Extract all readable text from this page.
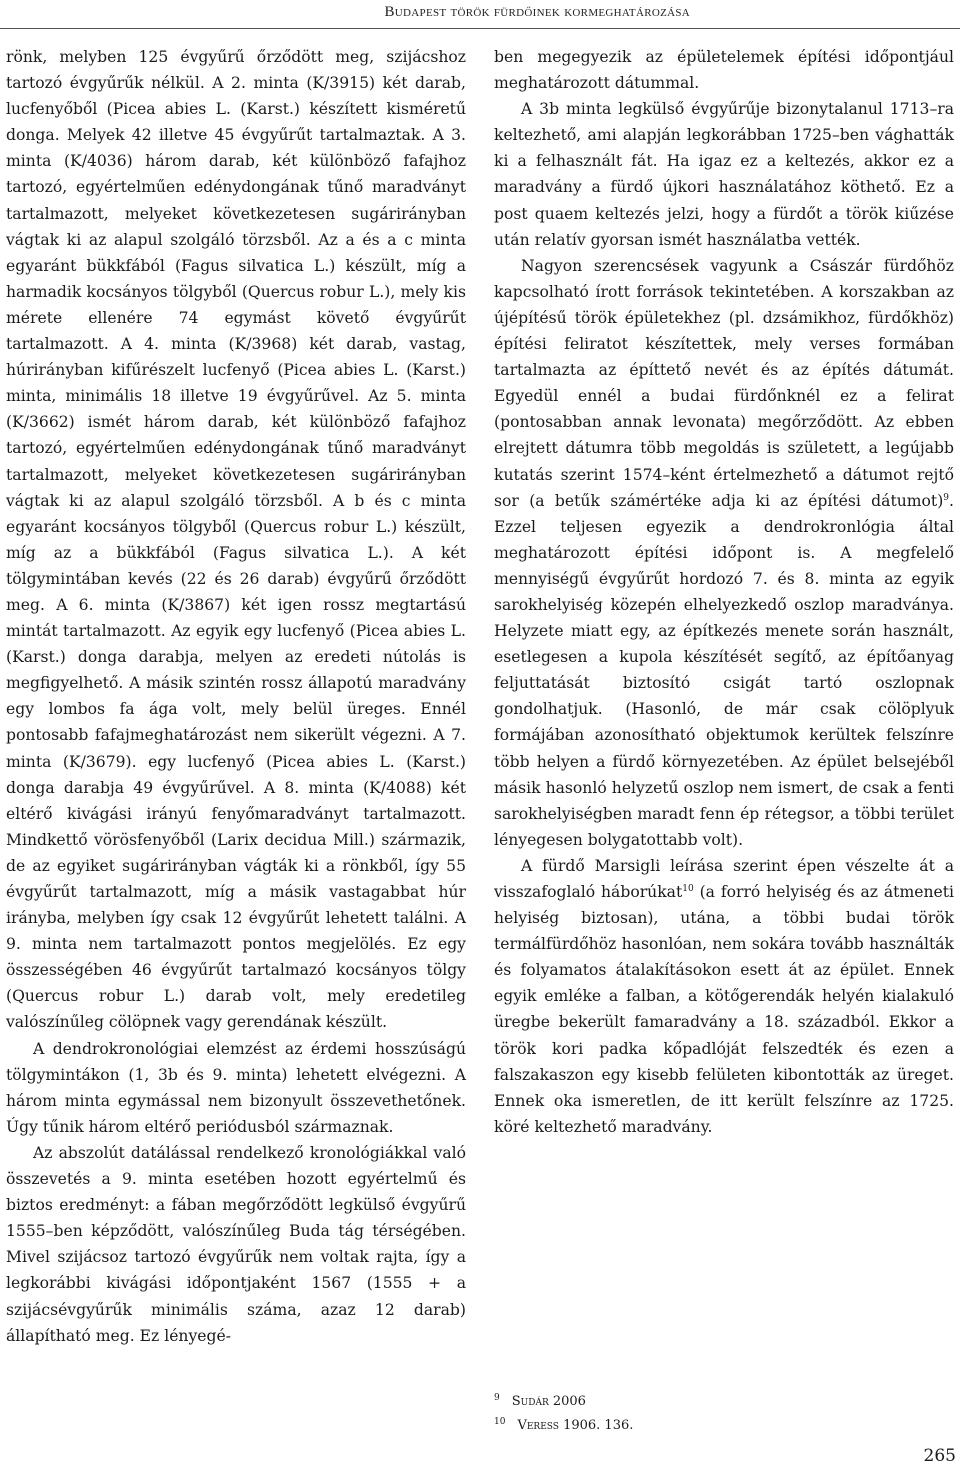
Budapest török fürdőinek kormeghatározása

rönk, melyben 125 évgyűrű őrződött meg, szijácshoz tartozó évgyűrűk nélkül. A 2. minta (K/3915) két darab, lucfenyőből (Picea abies L. (Karst.) készített kisméretű donga. Melyek 42 illetve 45 évgyűrűt tartalmaztak. A 3. minta (K/4036) három darab, két különböző fafajhoz tartozó, egyértelműen edénydongának tűnő maradványt tartalmazott, melyeket következetesen sugárirányban vágtak ki az alapul szolgáló törzsből. Az a és a c minta egyaránt bükkfából (Fagus silvatica L.) készült, míg a harmadik kocsányos tölgyből (Quercus robur L.), mely kis mérete ellenére 74 egymást követő évgyűrűt tartalmazott. A 4. minta (K/3968) két darab, vastag, húrirányban kifűrészelt lucfenyő (Picea abies L. (Karst.) minta, minimális 18 illetve 19 évgyűrűvel. Az 5. minta (K/3662) ismét három darab, két különböző fafajhoz tartozó, egyértelműen edénydongának tűnő maradványt tartalmazott, melyeket következetesen sugárirányban vágtak ki az alapul szolgáló törzsből. A b és c minta egyaránt kocsányos tölgyből (Quercus robur L.) készült, míg az a bükkfából (Fagus silvatica L.). A két tölgymintában kevés (22 és 26 darab) évgyűrű őrződött meg. A 6. minta (K/3867) két igen rossz megtartású mintát tartalmazott. Az egyik egy lucfenyő (Picea abies L. (Karst.) donga darabja, melyen az eredeti nútolás is megfigyelhető. A másik szintén rossz állapotú maradvány egy lombos fa ága volt, mely belül üreges. Ennél pontosabb fafajmeghatározást nem sikerült végezni. A 7. minta (K/3679). egy lucfenyő (Picea abies L. (Karst.) donga darabja 49 évgyűrűvel. A 8. minta (K/4088) két eltérő kivágási irányú fenyőmaradványt tartalmazott. Mindkettő vörösfenyőből (Larix decidua Mill.) származik, de az egyiket sugárirányban vágták ki a rönkből, így 55 évgyűrűt tartalmazott, míg a másik vastagabbat húr irányba, melyben így csak 12 évgyűrűt lehetett találni. A 9. minta nem tartalmazott pontos megjelölés. Ez egy összességében 46 évgyűrűt tartalmazó kocsányos tölgy (Quercus robur L.) darab volt, mely eredetileg valószínűleg cölöpnek vagy gerendának készült.

A dendrokronológiai elemzést az érdemi hosszúságú tölgymintákon (1, 3b és 9. minta) lehetett elvégezni. A három minta egymással nem bizonyult összevethetőnek. Úgy tűnik három eltérő periódusból származnak.

Az abszolút datálással rendelkező kronológiákkal való összevetés a 9. minta esetében hozott egyértelmű és biztos eredményt: a fában megőrződött legkülső évgyűrű 1555–ben képződött, valószínűleg Buda tág térségében. Mivel szijácsoz tartozó évgyűrűk nem voltak rajta, így a legkorábbi kivágási időpontjaként 1567 (1555 + a szijácsévgyűrűk minimális száma, azaz 12 darab) állapítható meg. Ez lényegé-

ben megegyezik az épületelemek építési időpontjául meghatározott dátummal.

A 3b minta legkülső évgyűrűje bizonytalanul 1713–ra keltezhető, ami alapján legkorábban 1725–ben vághatták ki a felhasznált fát. Ha igaz ez a keltezés, akkor ez a maradvány a fürdő újkori használatához köthető. Ez a post quaem keltezés jelzi, hogy a fürdőt a török kiűzése után relatív gyorsan ismét használatba vették.

Nagyon szerencsések vagyunk a Császár fürdőhöz kapcsolható írott források tekintetében. A korszakban az újépítésű török épületekhez (pl. dzsámikhoz, fürdőkhöz) építési feliratot készítettek, mely verses formában tartalmazta az építtető nevét és az építés dátumát. Egyedül ennél a budai fürdőnknél ez a felirat (pontosabban annak levonata) megőrződött. Az ebben elrejtett dátumra több megoldás is született, a legújabb kutatás szerint 1574–ként értelmezhető a dátumot rejtő sor (a betűk számértéke adja ki az építési dátumot)$^9$. Ezzel teljesen egyezik a dendrokronlógia által meghatározott építési időpont is. A megfelelő mennyiségű évgyűrűt hordozó 7. és 8. minta az egyik sarokhelyiség közepén elhelyezkedő oszlop maradványa. Helyzete miatt egy, az építkezés menete során használt, esetlegesen a kupola készítését segítő, az építőanyag feljuttatását biztosító csigát tartó oszlopnak gondolhatjuk. (Hasonló, de már csak cölöplyuk formájában azonosítható objektumok kerültek felszínre több helyen a fürdő környezetében. Az épület belsejéből másik hasonló helyzetű oszlop nem ismert, de csak a fenti sarokhelyiségben maradt fenn ép rétegsor, a többi terület lényegesen bolygatottabb volt).

A fürdő Marsigli leírása szerint épen vészelte át a visszafoglaló háborúkat$^{10}$ (a forró helyiség és az átmeneti helyiség biztosan), utána, a többi budai török termálfürdőhöz hasonlóan, nem sokára tovább használták és folyamatos átalakításokon esett át az épület. Ennek egyik emléke a falban, a kötőgerendák helyén kialakuló üregbe bekerült famaradvány a 18. századból. Ekkor a török kori padka kőpadlóját felszedték és ezen a falszakaszon egy kisebb felületen kibontották az üreget. Ennek oka ismeretlen, de itt került felszínre az 1725. köré keltezhető maradvány.

$^9$ Sudár 2006
$^{10}$ Veress 1906. 136.
265
